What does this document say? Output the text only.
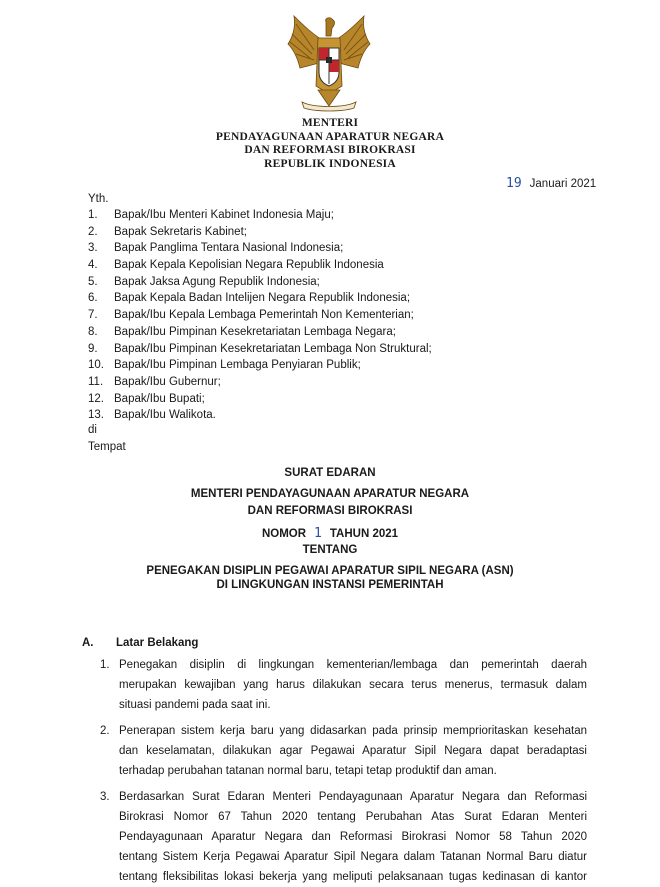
MENTERI
PENDAYAGUNAAN APARATUR NEGARA
DAN REFORMASI BIROKRASI
REPUBLIK INDONESIA
19 Januari 2021
Yth.
1. Bapak/Ibu Menteri Kabinet Indonesia Maju;
2. Bapak Sekretaris Kabinet;
3. Bapak Panglima Tentara Nasional Indonesia;
4. Bapak Kepala Kepolisian Negara Republik Indonesia
5. Bapak Jaksa Agung Republik Indonesia;
6. Bapak Kepala Badan Intelijen Negara Republik Indonesia;
7. Bapak/Ibu Kepala Lembaga Pemerintah Non Kementerian;
8. Bapak/Ibu Pimpinan Kesekretariatan Lembaga Negara;
9. Bapak/Ibu Pimpinan Kesekretariatan Lembaga Non Struktural;
10. Bapak/Ibu Pimpinan Lembaga Penyiaran Publik;
11. Bapak/Ibu Gubernur;
12. Bapak/Ibu Bupati;
13. Bapak/Ibu Walikota.
di
Tempat
SURAT EDARAN
MENTERI PENDAYAGUNAAN APARATUR NEGARA
DAN REFORMASI BIROKRASI
NOMOR 1 TAHUN 2021
TENTANG
PENEGAKAN DISIPLIN PEGAWAI APARATUR SIPIL NEGARA (ASN)
DI LINGKUNGAN INSTANSI PEMERINTAH
A. Latar Belakang
1. Penegakan disiplin di lingkungan kementerian/lembaga dan pemerintah daerah
merupakan kewajiban yang harus dilakukan secara terus menerus, termasuk dalam
situasi pandemi pada saat ini.
2. Penerapan sistem kerja baru yang didasarkan pada prinsip memprioritaskan kesehatan
dan keselamatan, dilakukan agar Pegawai Aparatur Sipil Negara dapat beradaptasi
terhadap perubahan tatanan normal baru, tetapi tetap produktif dan aman.
3. Berdasarkan Surat Edaran Menteri Pendayagunaan Aparatur Negara dan Reformasi
Birokrasi Nomor 67 Tahun 2020 tentang Perubahan Atas Surat Edaran Menteri
Pendayagunaan Aparatur Negara dan Reformasi Birokrasi Nomor 58 Tahun 2020
tentang Sistem Kerja Pegawai Aparatur Sipil Negara dalam Tatanan Normal Baru diatur
tentang fleksibilitas lokasi bekerja yang meliputi pelaksanaan tugas kedinasan di kantor
